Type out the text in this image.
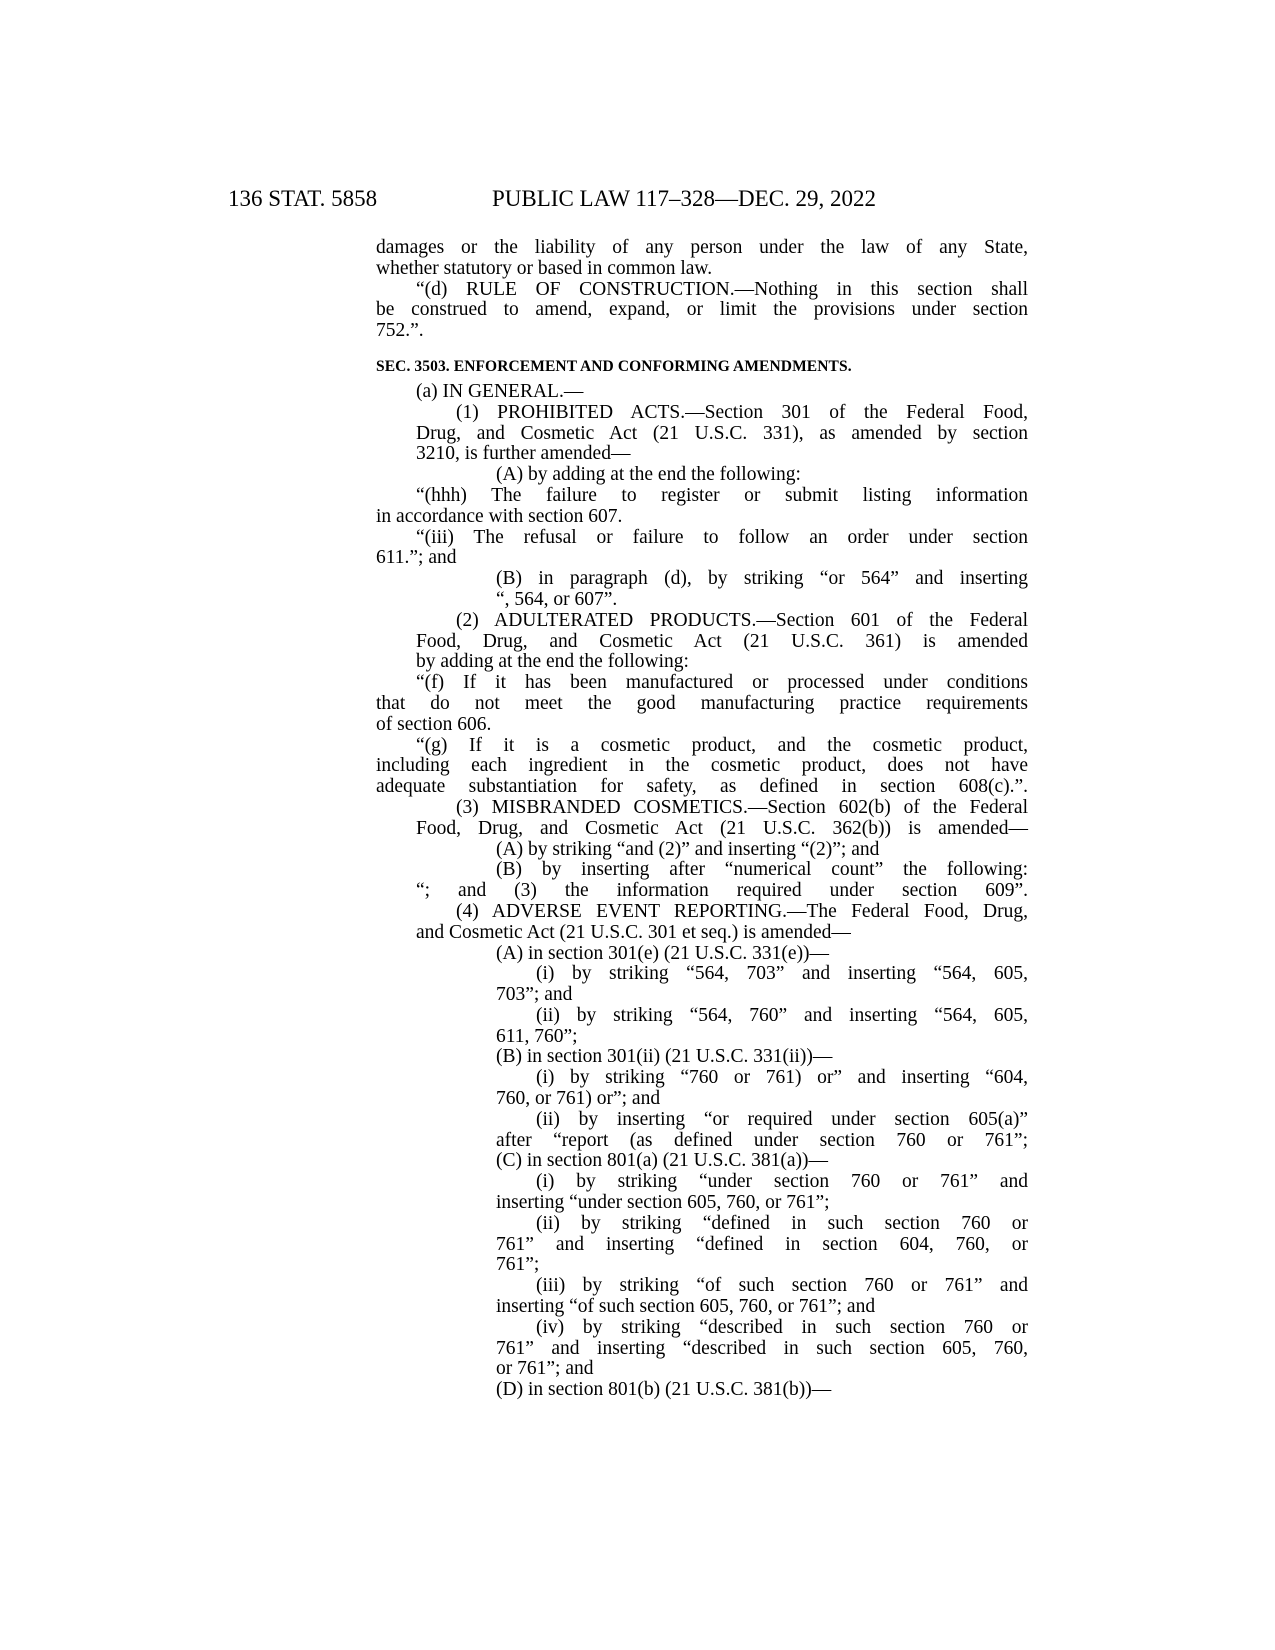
136 STAT. 5858	PUBLIC LAW 117–328—DEC. 29, 2022
damages or the liability of any person under the law of any State,
whether statutory or based in common law.
“(d) RULE OF CONSTRUCTION.—Nothing in this section shall
be construed to amend, expand, or limit the provisions under section
752.”.
SEC. 3503. ENFORCEMENT AND CONFORMING AMENDMENTS.
(a) IN GENERAL.—
(1) PROHIBITED ACTS.—Section 301 of the Federal Food,
Drug, and Cosmetic Act (21 U.S.C. 331), as amended by section
3210, is further amended—
(A) by adding at the end the following:
“(hhh) The failure to register or submit listing information
in accordance with section 607.
“(iii) The refusal or failure to follow an order under section
611.”; and
(B) in paragraph (d), by striking “or 564” and inserting
“, 564, or 607”.
(2) ADULTERATED PRODUCTS.—Section 601 of the Federal
Food, Drug, and Cosmetic Act (21 U.S.C. 361) is amended
by adding at the end the following:
“(f) If it has been manufactured or processed under conditions
that do not meet the good manufacturing practice requirements
of section 606.
“(g) If it is a cosmetic product, and the cosmetic product,
including each ingredient in the cosmetic product, does not have
adequate substantiation for safety, as defined in section 608(c).”.
(3) MISBRANDED COSMETICS.—Section 602(b) of the Federal
Food, Drug, and Cosmetic Act (21 U.S.C. 362(b)) is amended—
(A) by striking “and (2)” and inserting “(2)”; and
(B) by inserting after “numerical count” the following:
“; and (3) the information required under section 609”.
(4) ADVERSE EVENT REPORTING.—The Federal Food, Drug,
and Cosmetic Act (21 U.S.C. 301 et seq.) is amended—
(A) in section 301(e) (21 U.S.C. 331(e))—
(i) by striking “564, 703” and inserting “564, 605,
703”; and
(ii) by striking “564, 760” and inserting “564, 605,
611, 760”;
(B) in section 301(ii) (21 U.S.C. 331(ii))—
(i) by striking “760 or 761) or” and inserting “604,
760, or 761) or”; and
(ii) by inserting “or required under section 605(a)”
after “report (as defined under section 760 or 761”;
(C) in section 801(a) (21 U.S.C. 381(a))—
(i) by striking “under section 760 or 761” and
inserting “under section 605, 760, or 761”;
(ii) by striking “defined in such section 760 or
761” and inserting “defined in section 604, 760, or
761”;
(iii) by striking “of such section 760 or 761” and
inserting “of such section 605, 760, or 761”; and
(iv) by striking “described in such section 760 or
761” and inserting “described in such section 605, 760,
or 761”; and
(D) in section 801(b) (21 U.S.C. 381(b))—
